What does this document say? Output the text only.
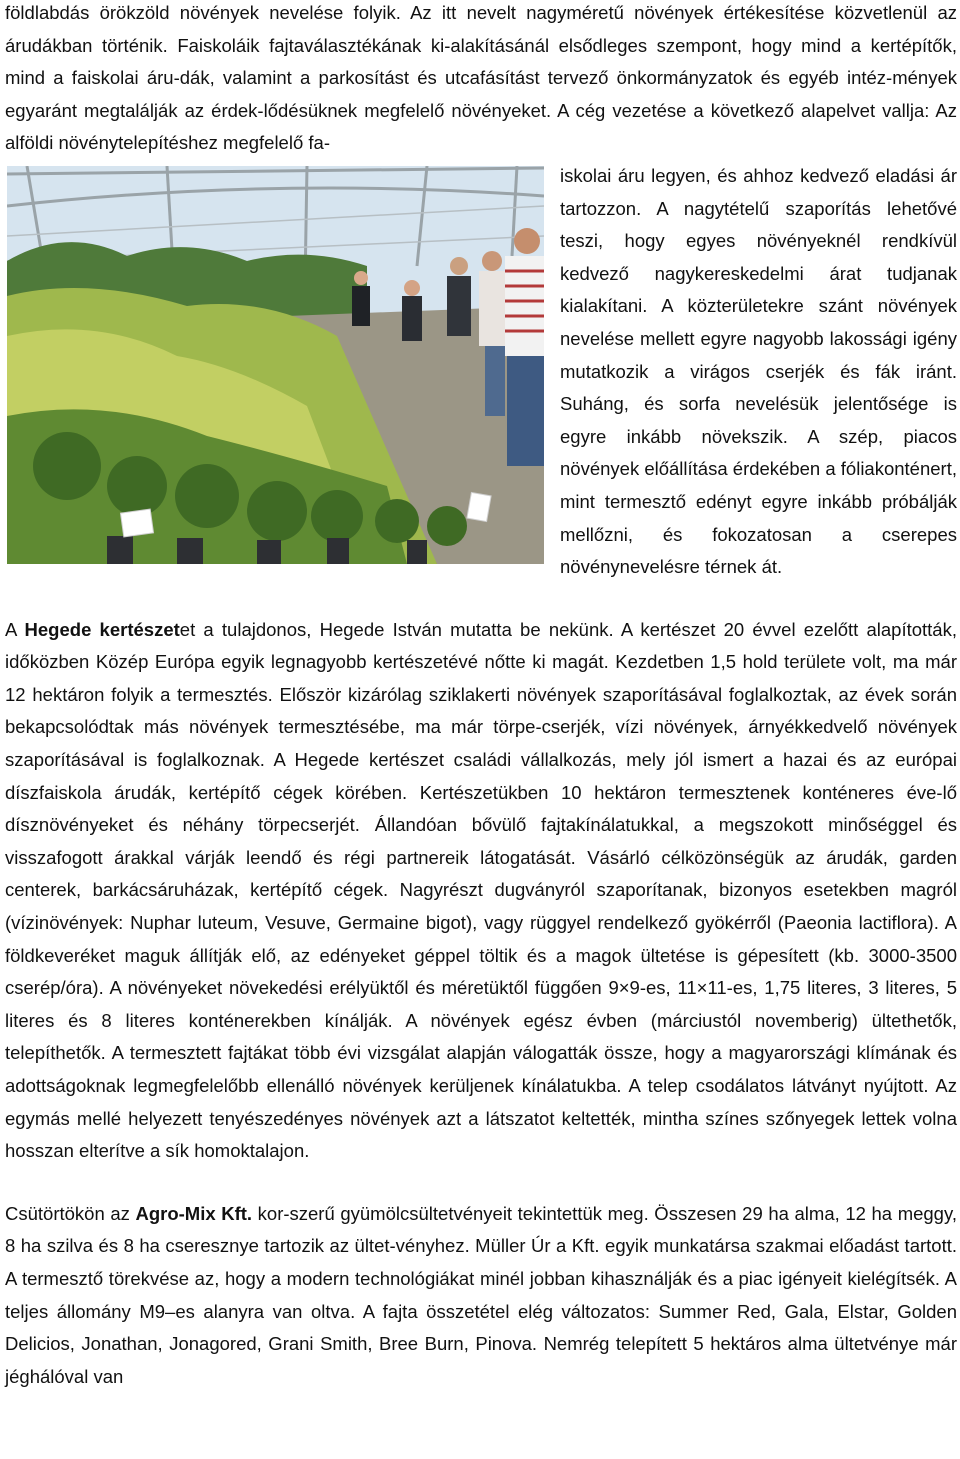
földlabdás örökzöld növények nevelése folyik. Az itt nevelt nagyméretű növények értékesítése közvetlenül az árudákban történik. Faiskoláik fajtaválasztékának ki-alakításánál elsődleges szempont, hogy mind a kertépítők, mind a faiskolai áru-dák, valamint a parkosítást és utcafásítást tervező önkormányzatok és egyéb intéz-mények egyaránt megtalálják az érdek-lődésüknek megfelelő növényeket. A cég vezetése a következő alapelvet vallja: Az alföldi növénytelepítéshez megfelelő fa-

iskolai áru legyen, és ahhoz kedvező eladási ár tartozzon. A nagytételű szaporítás lehetővé teszi, hogy egyes növényeknél rendkívül kedvező nagykereskedelmi árat tudjanak kialakítani. A közterületekre szánt növények nevelése mellett egyre nagyobb lakossági igény mutatkozik a virágos cserjék és fák iránt. Suháng, és sorfa nevelésük jelentősége is egyre inkább növekszik. A szép, piacos növények előállítása érdekében a fóliakonténert, mint termesztő edényt egyre inkább próbálják mellőzni, és fokozatosan a cserepes növénynevelésre térnek át.

A Hegede kertészetet a tulajdonos, Hegede István mutatta be nekünk. A kertészet 20 évvel ezelőtt alapították, időközben Közép Európa egyik legnagyobb kertészetévé nőtte ki magát. Kezdetben 1,5 hold területe volt, ma már 12 hektáron folyik a termesztés. Először kizárólag sziklakerti növények szaporításával foglalkoztak, az évek során bekapcsolódtak más növények termesztésébe, ma már törpe-cserjék, vízi növények, árnyékkedvelő növények szaporításával is foglalkoznak. A Hegede kertészet családi vállalkozás, mely jól ismert a hazai és az európai díszfaiskola árudák, kertépítő cégek körében. Kertészetükben 10 hektáron termesztenek konténeres éve-lő dísznövényeket és néhány törpecserjét. Állandóan bővülő fajtakínálatukkal, a megszokott minőséggel és visszafogott árakkal várják leendő és régi partnereik látogatását. Vásárló célközönségük az árudák, garden centerek, barkácsáruházak, kertépítő cégek. Nagyrészt dugványról szaporítanak, bizonyos esetekben magról (vízinövények: Nuphar luteum, Vesuve, Germaine bigot), vagy rüggyel rendelkező gyökérről (Paeonia lactiflora). A földkeveréket maguk állítják elő, az edényeket géppel töltik és a magok ültetése is gépesített (kb. 3000-3500 cserép/óra). A növényeket növekedési erélyüktől és méretüktől függően 9×9-es, 11×11-es, 1,75 literes, 3 literes, 5 literes és 8 literes konténerekben kínálják. A növények egész évben (márciustól novemberig) ültethetők, telepíthetők. A termesztett fajtákat több évi vizsgálat alapján válogatták össze, hogy a magyarországi klímának és adottságoknak legmegfelelőbb ellenálló növények kerüljenek kínálatukba. A telep csodálatos látványt nyújtott. Az egymás mellé helyezett tenyészedényes növények azt a látszatot keltették, mintha színes szőnyegek lettek volna hosszan elterítve a sík homoktalajon.

Csütörtökön az Agro-Mix Kft. kor-szerű gyümölcsültetvényeit tekintettük meg. Összesen 29 ha alma, 12 ha meggy, 8 ha szilva és 8 ha cseresznye tartozik az ültet-vényhez. Müller Úr a Kft. egyik munkatársa szakmai előadást tartott. A termesztő törekvése az, hogy a modern technológiákat minél jobban kihasználják és a piac igényeit kielégítsék. A teljes állomány M9–es alanyra van oltva. A fajta összetétel elég változatos: Summer Red, Gala, Elstar, Golden Delicios, Jonathan, Jonagored, Grani Smith, Bree Burn, Pinova. Nemrég telepített 5 hektáros alma ültetvénye már jéghálóval van
